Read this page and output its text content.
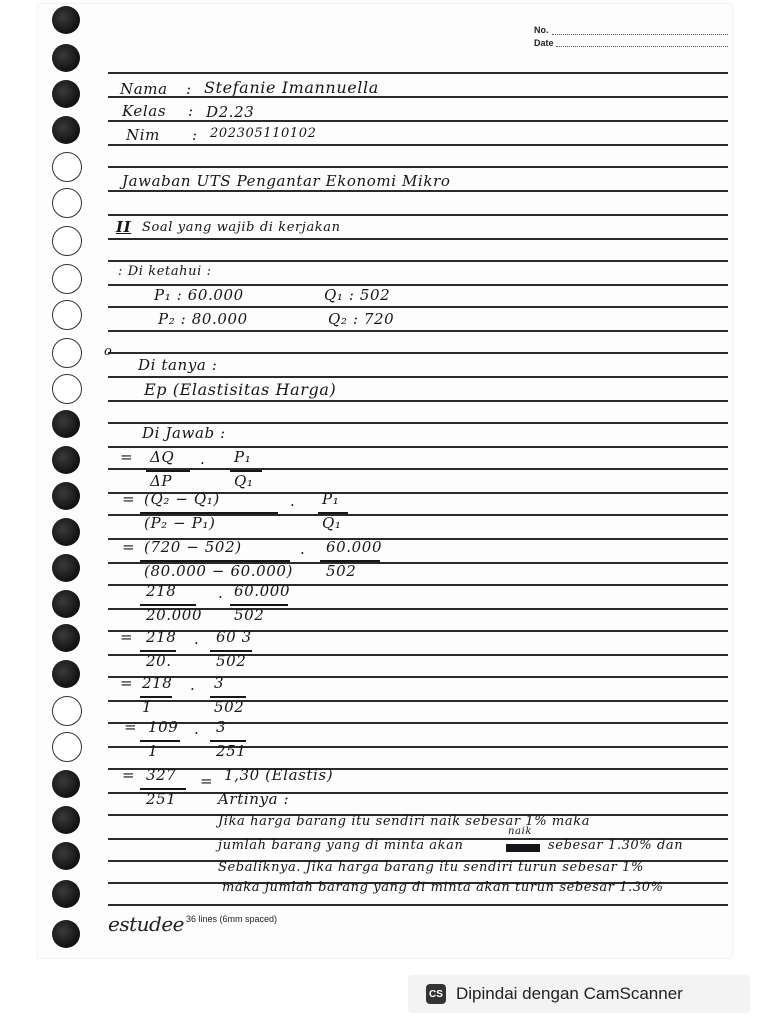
No.
Date
Nama : Stefanie Imannuella
Kelas : D2.23
Nim : 202305110102
Jawaban UTS Pengantar Ekonomi Mikro
II Soal yang wajib di kerjakan
: Di ketahui :
P₁ : 60.000
P₂ : 80.000
Q₁ : 502
Q₂ : 720
o
Di tanya :
Ep (Elastisitas Harga)
Di Jawab :
= ΔQ
ΔP
· P₁
Q₁
= (Q₂ − Q₁)
(P₂ − P₁)
· P₁
Q₁
= (720 − 502)
(80.000 − 60.000)
· 60.000
502
218
20.000
· 60.000
502
= 218
20.
· 60 3
502
= 218
1
· 3
502
= 109
1
· 3
251
= 327
251
= 1,30 (Elastis)
Artinya :
Jika harga barang itu sendiri naik sebesar 1% maka
jumlah barang yang di minta akan
naik
sebesar 1.30% dan
Sebaliknya. Jika harga barang itu sendiri turun sebesar 1%
maka jumlah barang yang di minta akan turun sebesar 1.30%
estudee 36 lines (6mm spaced)
CS Dipindai dengan CamScanner
